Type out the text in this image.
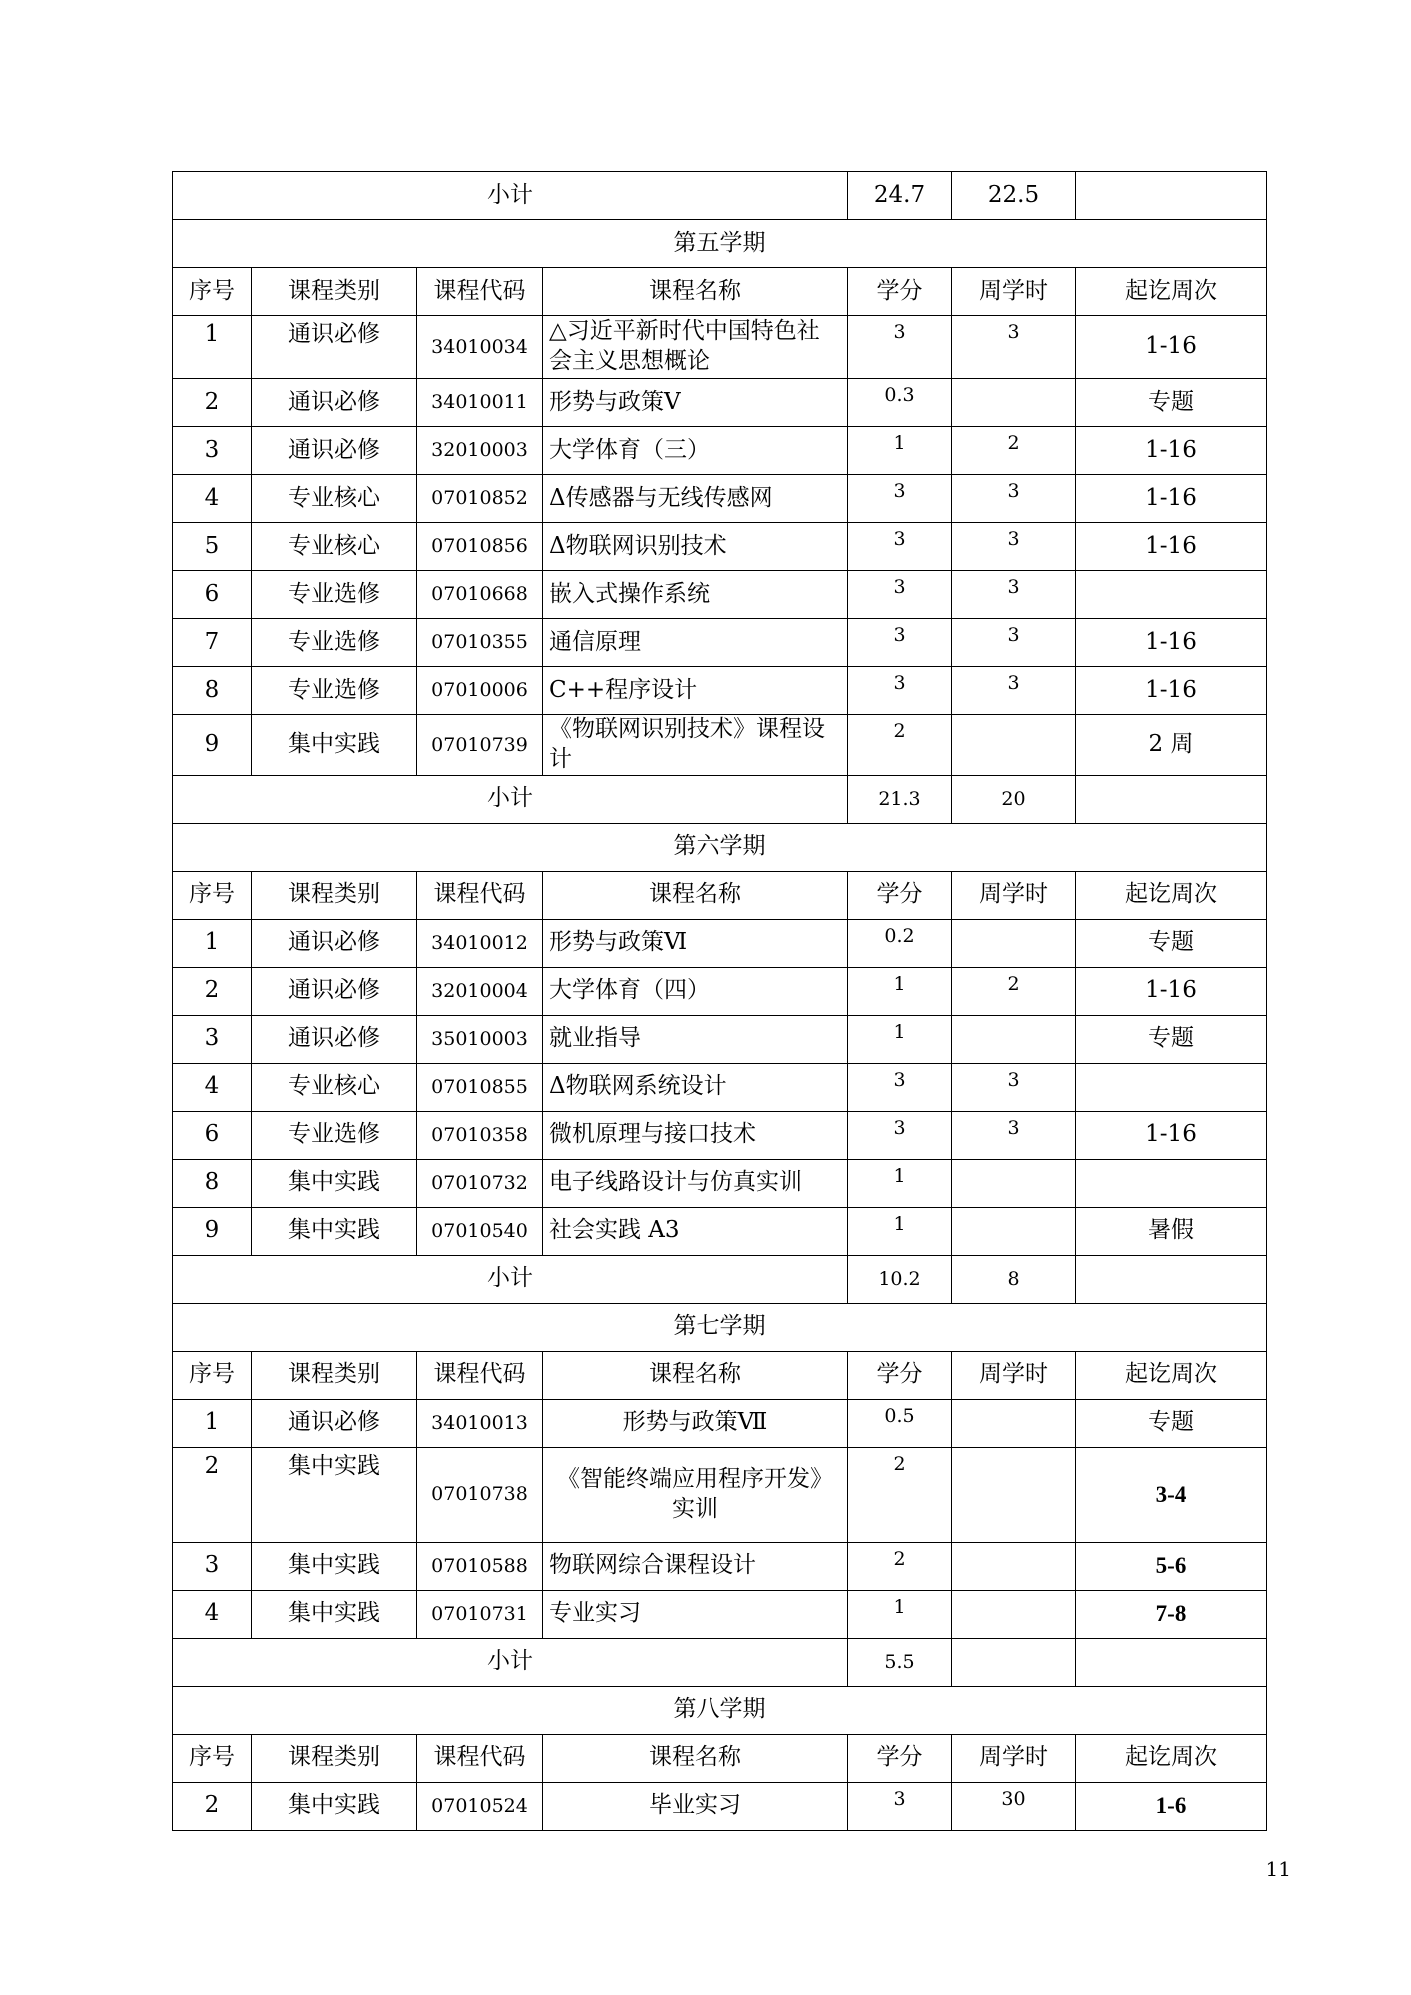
小计				24.7	22.5	
第五学期						
序号	课程类别	课程代码	课程名称	学分	周学时	起讫周次
1	通识必修	34010034	△习近平新时代中国特色社会主义思想概论	3	3	1-16
2	通识必修	34010011	形势与政策Ⅴ	0.3		专题
3	通识必修	32010003	大学体育（三）	1	2	1-16
4	专业核心	07010852	Δ传感器与无线传感网	3	3	1-16
5	专业核心	07010856	Δ物联网识别技术	3	3	1-16
6	专业选修	07010668	嵌入式操作系统	3	3	
7	专业选修	07010355	通信原理	3	3	1-16
8	专业选修	07010006	C++程序设计	3	3	1-16
9	集中实践	07010739	《物联网识别技术》课程设计	2		2 周
小计				21.3	20	
第六学期						
序号	课程类别	课程代码	课程名称	学分	周学时	起讫周次
1	通识必修	34010012	形势与政策Ⅵ	0.2		专题
2	通识必修	32010004	大学体育（四）	1	2	1-16
3	通识必修	35010003	就业指导	1		专题
4	专业核心	07010855	Δ物联网系统设计	3	3	
6	专业选修	07010358	微机原理与接口技术	3	3	1-16
8	集中实践	07010732	电子线路设计与仿真实训	1		
9	集中实践	07010540	社会实践 A3	1		暑假
小计				10.2	8	
第七学期						
序号	课程类别	课程代码	课程名称	学分	周学时	起讫周次
1	通识必修	34010013	形势与政策Ⅶ	0.5		专题
2	集中实践	07010738	《智能终端应用程序开发》实训	2		3-4
3	集中实践	07010588	物联网综合课程设计	2		5-6
4	集中实践	07010731	专业实习	1		7-8
小计				5.5		
第八学期						
序号	课程类别	课程代码	课程名称	学分	周学时	起讫周次
2	集中实践	07010524	毕业实习	3	30	1-6
11
